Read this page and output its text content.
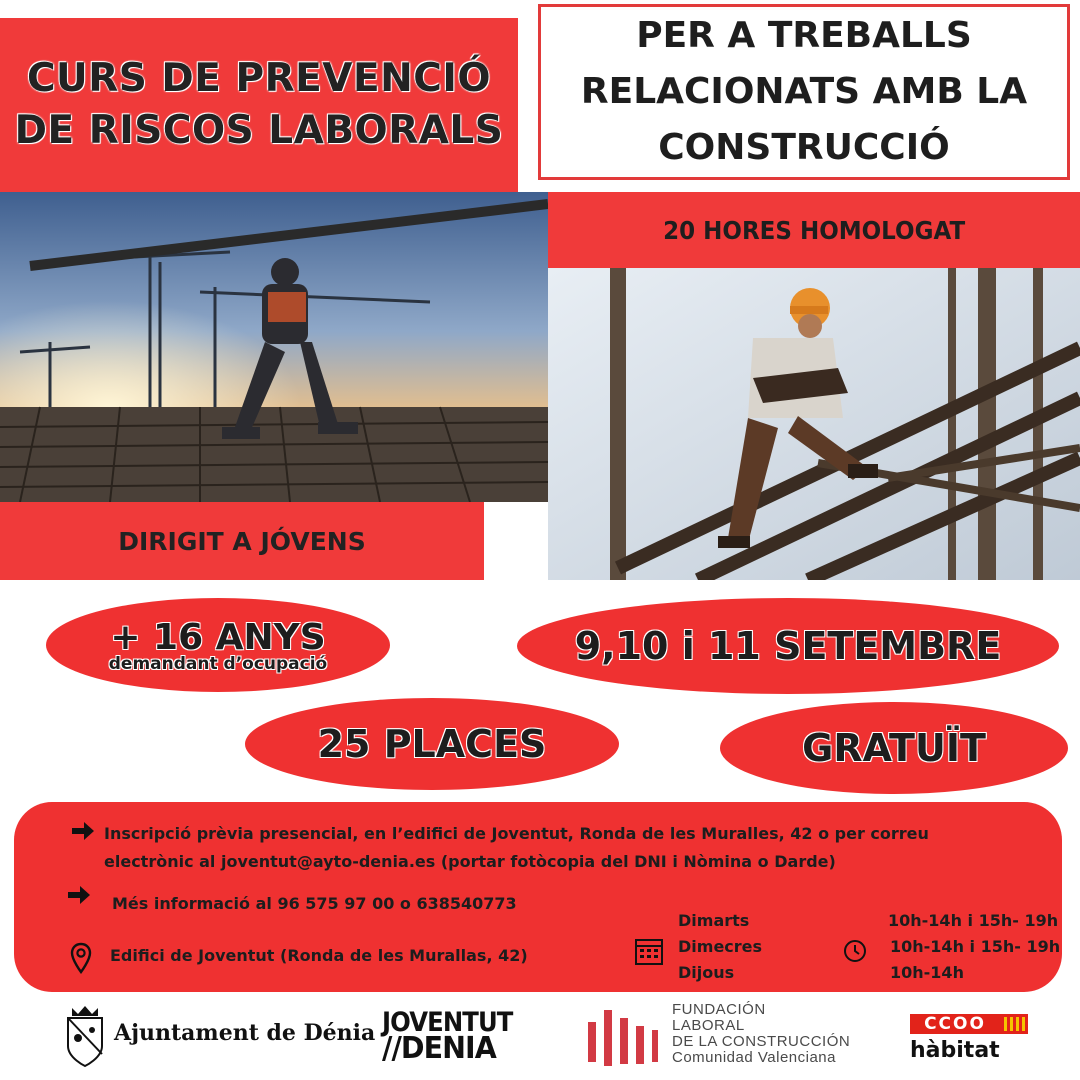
CURS DE PREVENCIÓ
DE RISCOS LABORALS
PER A TREBALLS
RELACIONATS AMB LA
CONSTRUCCIÓ
20 HORES HOMOLOGAT
DIRIGIT A JÓVENS
+ 16 ANYS
demandant d’ocupació	9,10 i 11 SETEMBRE
25 PLACES	GRATUÏT
Inscripció prèvia presencial, en l’edifici de Joventut, Ronda de les Muralles, 42 o per correu
electrònic al joventut@ayto-denia.es (portar fotòcopia del DNI i Nòmina o Darde)
Més informació al 96 575 97 00 o 638540773
Edifici de Joventut (Ronda de les Murallas, 42)
Dimarts
Dimecres
Dijous
10h-14h i 15h- 19h
10h-14h i 15h- 19h
10h-14h
Ajuntament de Dénia JOVENTUT
//DENIA
FUNDACIÓN
LABORAL
DE LA CONSTRUCCIÓN
Comunidad Valenciana
CCOO
hàbitat
